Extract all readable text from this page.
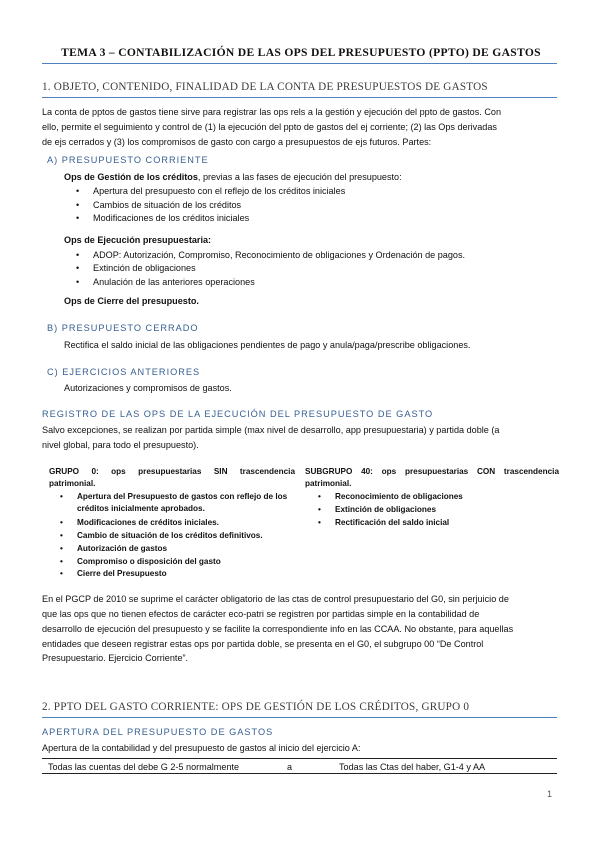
TEMA 3 – CONTABILIZACIÓN DE LAS OPS DEL PRESUPUESTO (PPTO) DE GASTOS
1. OBJETO, CONTENIDO, FINALIDAD DE LA CONTA DE PRESUPUESTOS DE GASTOS
La conta de pptos de gastos tiene sirve para registrar las ops rels a la gestión y ejecución del ppto de gastos. Con
ello, permite el seguimiento y control de (1) la ejecución del ppto de gastos del ej corriente; (2) las Ops derivadas
de ejs cerrados y (3) los compromisos de gasto con cargo a presupuestos de ejs futuros. Partes:
A) PRESUPUESTO CORRIENTE
Ops de Gestión de los créditos, previas a las fases de ejecución del presupuesto:
• Apertura del presupuesto con el reflejo de los créditos iniciales
• Cambios de situación de los créditos
• Modificaciones de los créditos iniciales
Ops de Ejecución presupuestaria:
• ADOP: Autorización, Compromiso, Reconocimiento de obligaciones y Ordenación de pagos.
• Extinción de obligaciones
• Anulación de las anteriores operaciones
Ops de Cierre del presupuesto.
B) PRESUPUESTO CERRADO
Rectifica el saldo inicial de las obligaciones pendientes de pago y anula/paga/prescribe obligaciones.
C) EJERCICIOS ANTERIORES
Autorizaciones y compromisos de gastos.
REGISTRO DE LAS OPS DE LA EJECUCIÓN DEL PRESUPUESTO DE GASTO
Salvo excepciones, se realizan por partida simple (max nivel de desarrollo, app presupuestaria) y partida doble (a
nivel global, para todo el presupuesto).
GRUPO 0: ops presupuestarias SIN trascendencia
patrimonial.
• Apertura del Presupuesto de gastos con reflejo de los
créditos inicialmente aprobados.
• Modificaciones de créditos iniciales.
• Cambio de situación de los créditos definitivos.
• Autorización de gastos
• Compromiso o disposición del gasto
• Cierre del Presupuesto
SUBGRUPO 40: ops presupuestarias CON trascendencia
patrimonial.
• Reconocimiento de obligaciones
• Extinción de obligaciones
• Rectificación del saldo inicial
En el PGCP de 2010 se suprime el carácter obligatorio de las ctas de control presupuestario del G0, sin perjuicio de
que las ops que no tienen efectos de carácter eco-patri se registren por partidas simple en la contabilidad de
desarrollo de ejecución del presupuesto y se facilite la correspondiente info en las CCAA. No obstante, para aquellas
entidades que deseen registrar estas ops por partida doble, se presenta en el G0, el subgrupo 00 “De Control
Presupuestario. Ejercicio Corriente”.
2. PPTO DEL GASTO CORRIENTE: OPS DE GESTIÓN DE LOS CRÉDITOS, GRUPO 0
APERTURA DEL PRESUPUESTO DE GASTOS
Apertura de la contabilidad y del presupuesto de gastos al inicio del ejercicio A:
Todas las cuentas del debe G 2-5 normalmente	a	Todas las Ctas del haber, G1-4 y AA
1
